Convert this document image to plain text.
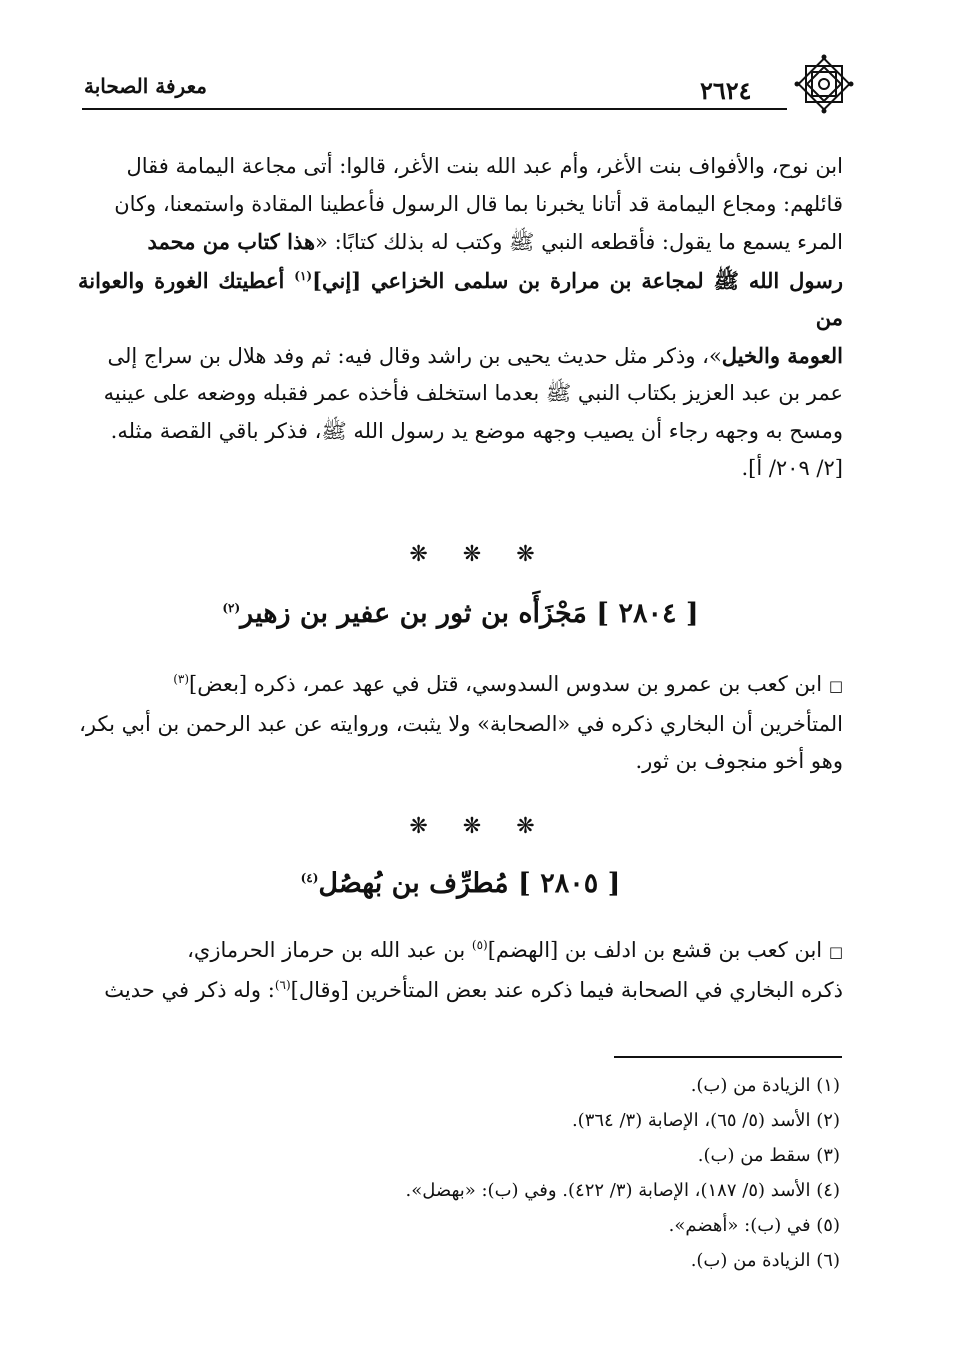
معرفة الصحابة	٢٦٢٤
ابن نوح، والأفواف بنت الأغر، وأم عبد الله بنت الأغر، قالوا: أتى مجاعة اليمامة فقال
قائلهم: ومجاع اليمامة قد أتانا يخبرنا بما قال الرسول فأعطينا المقادة واستمعنا، وكان
المرء يسمع ما يقول: فأقطعه النبي ﷺ وكتب له بذلك كتابًا: «هذا كتاب من محمد
رسول الله ﷺ لمجاعة بن مرارة بن سلمى الخزاعي [إني]$^{(١)}$ أعطيتك الغورة والعوانة من
العومة والخيل»، وذكر مثل حديث يحيى بن راشد وقال فيه: ثم وفد هلال بن سراج إلى
عمر بن عبد العزيز بكتاب النبي ﷺ بعدما استخلف فأخذه عمر فقبله ووضعه على عينيه
ومسح به وجهه رجاء أن يصيب وجهه موضع يد رسول الله ﷺ، فذكر باقي القصة مثله.
[٢/ ٢٠٩/ أ].
❋ ❋ ❋
[ ٢٨٠٤ ] مَجْزَأَه بن ثور بن عفير بن زهير$^{(٢)}$
□ ابن كعب بن عمرو بن سدوس السدوسي، قتل في عهد عمر، ذكره [بعض]$^{(٣)}$
المتأخرين أن البخاري ذكره في «الصحابة» ولا يثبت، وروايته عن عبد الرحمن بن أبي بكر،
وهو أخو منجوف بن ثور.
❋ ❋ ❋
[ ٢٨٠٥ ] مُطرِّف بن بُهصُل$^{(٤)}$
□ ابن كعب بن قشع بن ادلف بن [الهضم]$^{(٥)}$ بن عبد الله بن حرماز الحرمازي،
ذكره البخاري في الصحابة فيما ذكره عند بعض المتأخرين [وقال]$^{(٦)}$: وله ذكر في حديث
(١) الزيادة من (ب).
(٢) الأسد (٥/ ٦٥)، الإصابة (٣/ ٣٦٤).
(٣) سقط من (ب).
(٤) الأسد (٥/ ١٨٧)، الإصابة (٣/ ٤٢٢). وفي (ب): «بهضل».
(٥) في (ب): «أهضم».
(٦) الزيادة من (ب).
